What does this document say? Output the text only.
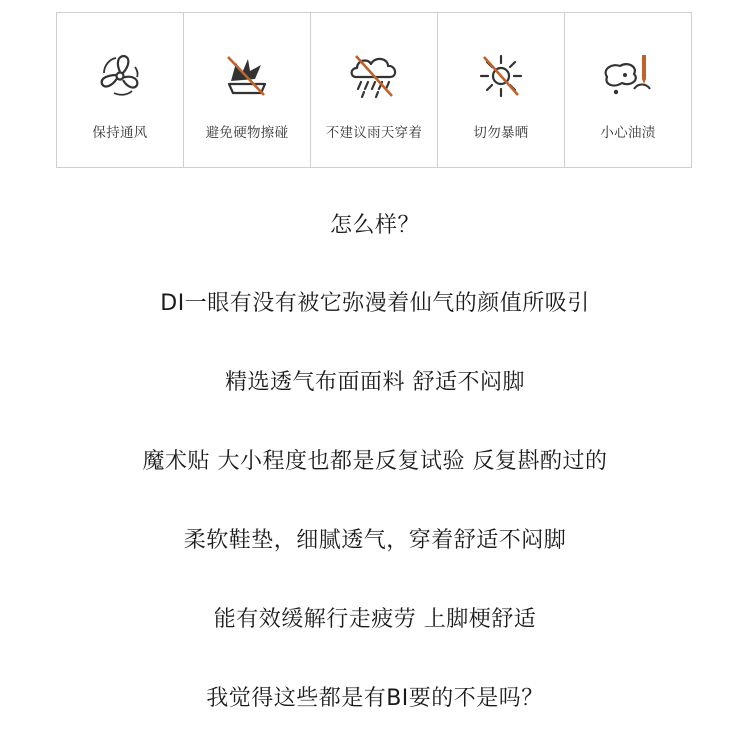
保持通风	避免硬物擦碰	不建议雨天穿着	切勿暴晒	小心油渍
怎么样？
DI一眼有没有被它弥漫着仙气的颜值所吸引
精选透气布面面料 舒适不闷脚
魔术贴 大小程度也都是反复试验 反复斟酌过的
柔软鞋垫，细腻透气，穿着舒适不闷脚
能有效缓解行走疲劳 上脚梗舒适
我觉得这些都是有BI要的不是吗？
